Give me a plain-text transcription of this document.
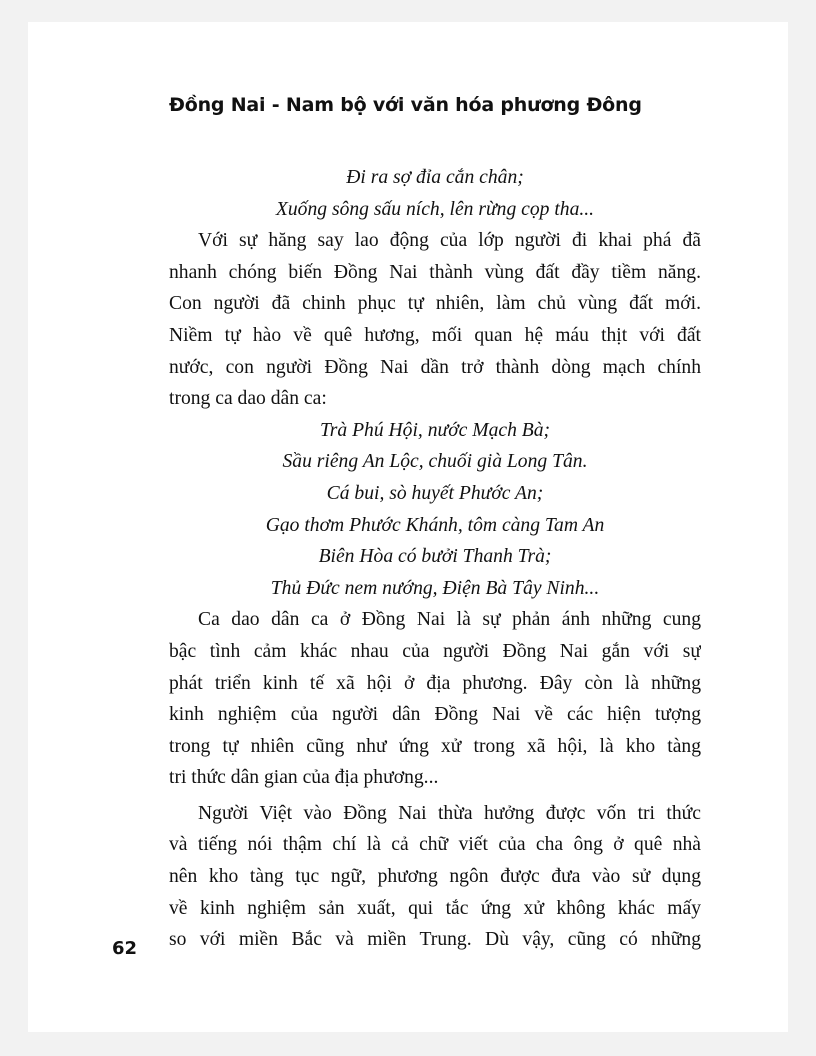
Đồng Nai - Nam bộ với văn hóa phương Đông
Đi ra sợ đỉa cắn chân;
Xuống sông sấu ních, lên rừng cọp tha...
Với sự hăng say lao động của lớp người đi khai phá đã
nhanh chóng biến Đồng Nai thành vùng đất đầy tiềm năng.
Con người đã chinh phục tự nhiên, làm chủ vùng đất mới.
Niềm tự hào về quê hương, mối quan hệ máu thịt với đất
nước, con người Đồng Nai dần trở thành dòng mạch chính
trong ca dao dân ca:
Trà Phú Hội, nước Mạch Bà;
Sầu riêng An Lộc, chuối già Long Tân.
Cá bui, sò huyết Phước An;
Gạo thơm Phước Khánh, tôm càng Tam An
Biên Hòa có bưởi Thanh Trà;
Thủ Đức nem nướng, Điện Bà Tây Ninh...
Ca dao dân ca ở Đồng Nai là sự phản ánh những cung
bậc tình cảm khác nhau của người Đồng Nai gắn với sự
phát triển kinh tế xã hội ở địa phương. Đây còn là những
kinh nghiệm của người dân Đồng Nai về các hiện tượng
trong tự nhiên cũng như ứng xử trong xã hội, là kho tàng
tri thức dân gian của địa phương...
Người Việt vào Đồng Nai thừa hưởng được vốn tri thức
và tiếng nói thậm chí là cả chữ viết của cha ông ở quê nhà
nên kho tàng tục ngữ, phương ngôn được đưa vào sử dụng
về kinh nghiệm sản xuất, qui tắc ứng xử không khác mấy
so với miền Bắc và miền Trung. Dù vậy, cũng có những
62
